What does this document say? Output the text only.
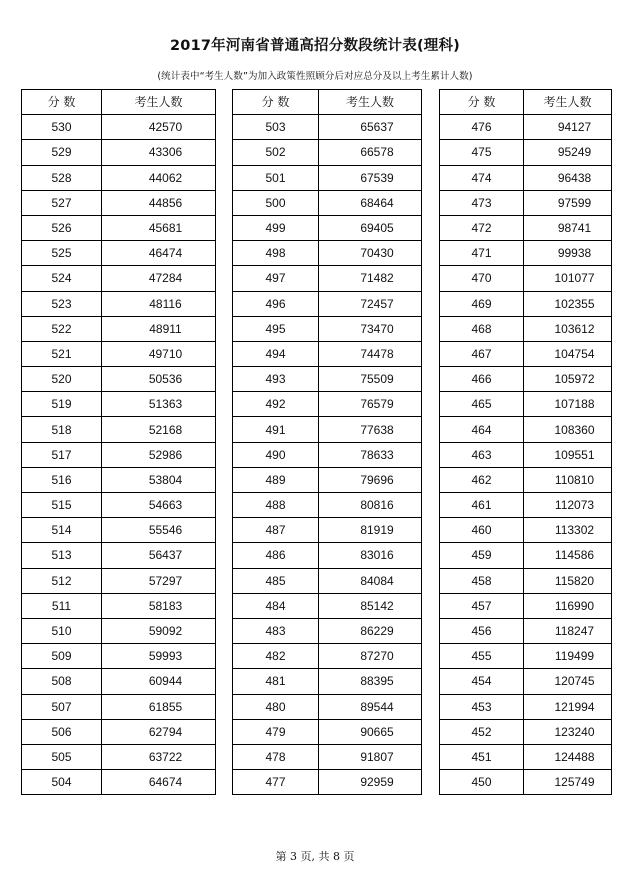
2017年河南省普通高招分数段统计表(理科)
(统计表中“考生人数”为加入政策性照顾分后对应总分及以上考生累计人数)
分 数	考生人数
530	42570
529	43306
528	44062
527	44856
526	45681
525	46474
524	47284
523	48116
522	48911
521	49710
520	50536
519	51363
518	52168
517	52986
516	53804
515	54663
514	55546
513	56437
512	57297
511	58183
510	59092
509	59993
508	60944
507	61855
506	62794
505	63722
504	64674
分 数	考生人数
503	65637
502	66578
501	67539
500	68464
499	69405
498	70430
497	71482
496	72457
495	73470
494	74478
493	75509
492	76579
491	77638
490	78633
489	79696
488	80816
487	81919
486	83016
485	84084
484	85142
483	86229
482	87270
481	88395
480	89544
479	90665
478	91807
477	92959
分 数	考生人数
476	94127
475	95249
474	96438
473	97599
472	98741
471	99938
470	101077
469	102355
468	103612
467	104754
466	105972
465	107188
464	108360
463	109551
462	110810
461	112073
460	113302
459	114586
458	115820
457	116990
456	118247
455	119499
454	120745
453	121994
452	123240
451	124488
450	125749
第 3 页, 共 8 页
